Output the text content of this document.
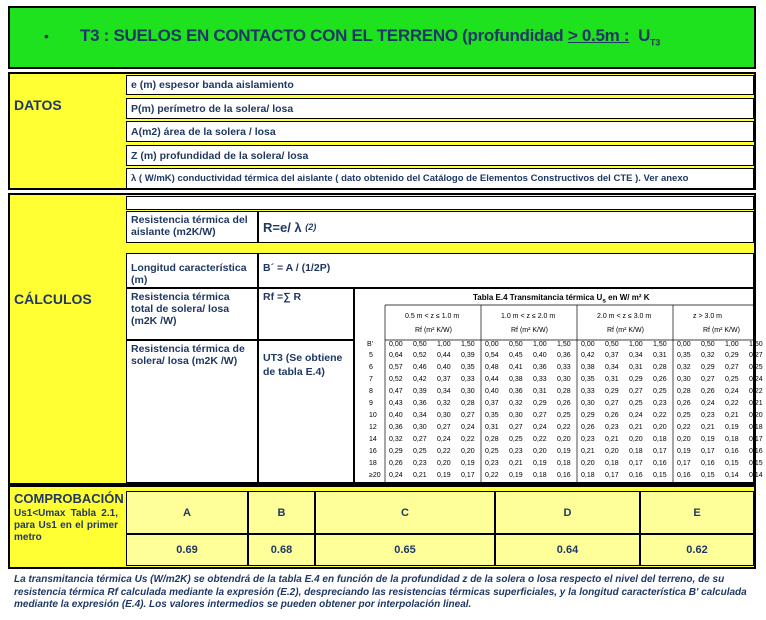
• T3 : SUELOS EN CONTACTO CON EL TERRENO (profundidad > 0.5m : $U_{T3}$
DATOS
e (m) espesor banda aislamiento
P(m) perímetro de la solera/ losa
A(m2) área de la solera / losa
Z (m) profundidad de la solera/ losa
λ ( W/mK) conductividad térmica del aislante ( dato obtenido del Catálogo de Elementos Constructivos del CTE ). Ver anexo
CÁLCULOS
Resistencia térmica del aislante (m2K/W)	R=e/ λ
(2)
Longitud característica (m)
B´ = A / (1/2P)
Resistencia térmica total de solera/ losa (m2K /W)
Rf =∑ R
Resistencia térmica de solera/ losa (m2K /W)	UT3 (Se obtiene de tabla E.4)
Tabla E.4 Transmitancia térmica $U_s$ en W/ m² K
0.5 m < z ≤ 1.0 m
Rf (m² K/W)
0,00 0,50 1,00 1,50
1.0 m < z ≤ 2.0 m
Rf (m² K/W)
0,00 0,50 1,00 1,50
2.0 m < z ≤ 3.0 m
Rf (m² K/W)
0,00 0,50 1,00 1,50
z > 3.0 m
Rf (m² K/W)
0,00 0,50 1,00 1,50
B'
5 0,64 0,52 0,44 0,39 0,54 0,45 0,40 0,36 0,42 0,37 0,34 0,31 0,35 0,32 0,29 0,27
6 0,57 0,46 0,40 0,35 0,48 0,41 0,36 0,33 0,38 0,34 0,31 0,28 0,32 0,29 0,27 0,25
7 0,52 0,42 0,37 0,33 0,44 0,38 0,33 0,30 0,35 0,31 0,29 0,26 0,30 0,27 0,25 0,24
8 0,47 0,39 0,34 0,30 0,40 0,36 0,31 0,28 0,33 0,29 0,27 0,25 0,28 0,26 0,24 0,22
9 0,43 0,36 0,32 0,28 0,37 0,32 0,29 0,26 0,30 0,27 0,25 0,23 0,26 0,24 0,22 0,21
10 0,40 0,34 0,30 0,27 0,35 0,30 0,27 0,25 0,29 0,26 0,24 0,22 0,25 0,23 0,21 0,20
12 0,36 0,30 0,27 0,24 0,31 0,27 0,24 0,22 0,26 0,23 0,21 0,20 0,22 0,21 0,19 0,18
14 0,32 0,27 0,24 0,22 0,28 0,25 0,22 0,20 0,23 0,21 0,20 0,18 0,20 0,19 0,18 0,17
16 0,29 0,25 0,22 0,20 0,25 0,23 0,20 0,19 0,21 0,20 0,18 0,17 0,19 0,17 0,16 0,16
18 0,26 0,23 0,20 0,19 0,23 0,21 0,19 0,18 0,20 0,18 0,17 0,16 0,17 0,16 0,15 0,15
≥20 0,24 0,21 0,19 0,17 0,22 0,19 0,18 0,16 0,18 0,17 0,16 0,15 0,16 0,15 0,14 0,14
COMPROBACIÓN
Us1<Umax Tabla 2.1, para Us1 en el primer metro
A	B	C	D	E
0.69	0.68	0.65	0.64	0.62
La transmitancia térmica Us (W/m2K) se obtendrá de la tabla E.4 en función de la profundidad z de la solera o losa respecto el nivel del terreno, de su resistencia térmica Rf calculada mediante la expresión (E.2), despreciando las resistencias térmicas superficiales, y la longitud característica B' calculada mediante la expresión (E.4). Los valores intermedios se pueden obtener por interpolación lineal.
